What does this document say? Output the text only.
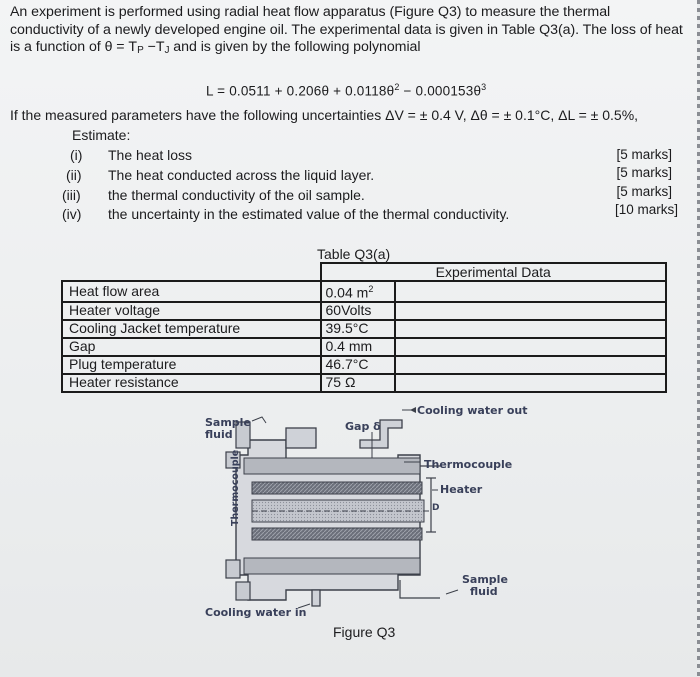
An experiment is performed using radial heat flow apparatus (Figure Q3) to measure the thermal conductivity of a newly developed engine oil. The experimental data is given in Table Q3(a). The loss of heat is a function of $\theta = T_P -T_J$ and is given by the following polynomial
$L = 0.0511 + 0.206\theta + 0.0118\theta^2 - 0.000153\theta^3$
If the measured parameters have the following uncertainties ΔV = ± 0.4 V, Δθ = ± 0.1°C, ΔL = ± 0.5%,
Estimate:
(i) The heat loss	[5 marks]
(ii) The heat conducted across the liquid layer.	[5 marks]
(iii) the thermal conductivity of the oil sample.	[5 marks]
(iv) the uncertainty in the estimated value of the thermal conductivity.	[10 marks]
Table Q3(a)
	Experimental Data	
Heat flow area	0.04 $m^2$	
Heater voltage	60Volts	
Cooling Jacket temperature	39.5°C	
Gap	0.4 mm	
Plug temperature	46.7°C	
Heater resistance	75 Ω	
Sample
fluid
Gap δ
Cooling water out
Thermocouple
Heater
D
Thermocouple
Sample
fluid
Cooling water in
Figure Q3
